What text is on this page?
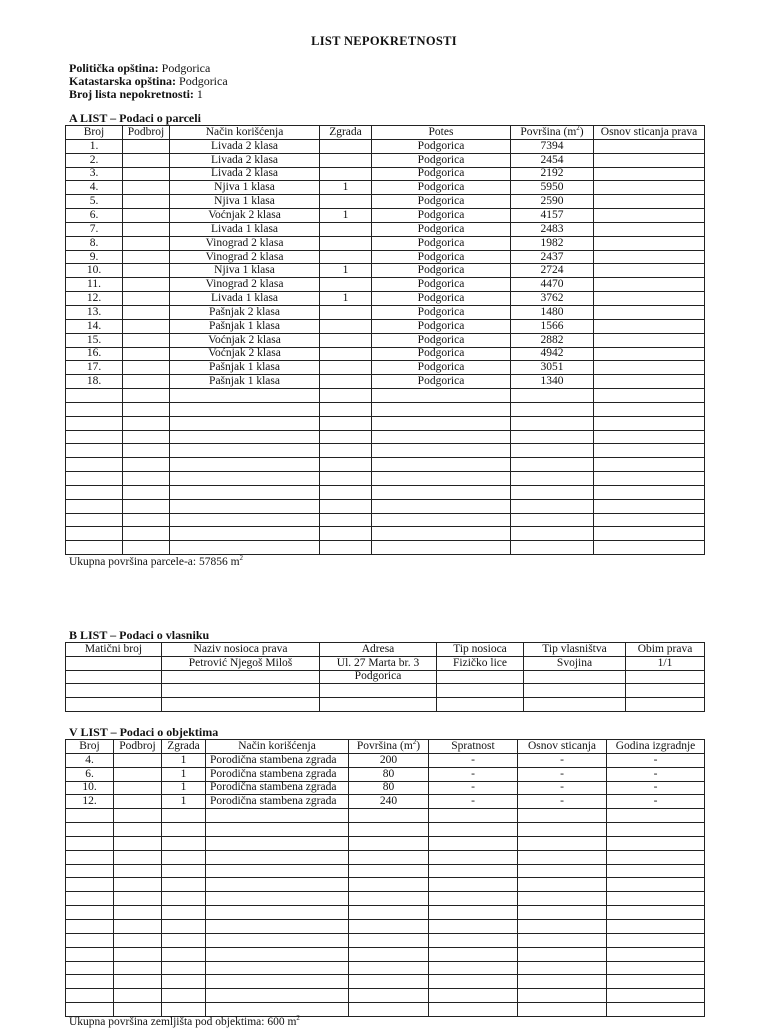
LIST NEPOKRETNOSTI
Politička opština: Podgorica
Katastarska opština: Podgorica
Broj lista nepokretnosti: 1
A LIST – Podaci o parceli
Broj	Podbroj	Način korišćenja	Zgrada	Potes	Površina $(m^2)$	Osnov sticanja prava
1.		Livada 2 klasa		Podgorica	7394	
2.		Livada 2 klasa		Podgorica	2454	
3.		Livada 2 klasa		Podgorica	2192	
4.		Njiva 1 klasa	1	Podgorica	5950	
5.		Njiva 1 klasa		Podgorica	2590	
6.		Voćnjak 2 klasa	1	Podgorica	4157	
7.		Livada 1 klasa		Podgorica	2483	
8.		Vinograd 2 klasa		Podgorica	1982	
9.		Vinograd 2 klasa		Podgorica	2437	
10.		Njiva 1 klasa	1	Podgorica	2724	
11.		Vinograd 2 klasa		Podgorica	4470	
12.		Livada 1 klasa	1	Podgorica	3762	
13.		Pašnjak 2 klasa		Podgorica	1480	
14.		Pašnjak 1 klasa		Podgorica	1566	
15.		Voćnjak 2 klasa		Podgorica	2882	
16.		Voćnjak 2 klasa		Podgorica	4942	
17.		Pašnjak 1 klasa		Podgorica	3051	
18.		Pašnjak 1 klasa		Podgorica	1340	

Ukupna površina parcele-a: 57856 $m^2$
B LIST – Podaci o vlasniku
Matični broj	Naziv nosioca prava	Adresa	Tip nosioca	Tip vlasništva	Obim prava
	Petrović Njegoš Miloš	Ul. 27 Marta br. 3	Fizičko lice	Svojina	1/1
		Podgorica			

V LIST – Podaci o objektima
Broj	Podbroj	Zgrada	Način korišćenja	Površina $(m^2)$	Spratnost	Osnov sticanja	Godina izgradnje
4.		1	Porodična stambena zgrada	200	-	-	-
6.		1	Porodična stambena zgrada	80	-	-	-
10.		1	Porodična stambena zgrada	80	-	-	-
12.		1	Porodična stambena zgrada	240	-	-	-

Ukupna površina zemljišta pod objektima: 600 $m^2$
